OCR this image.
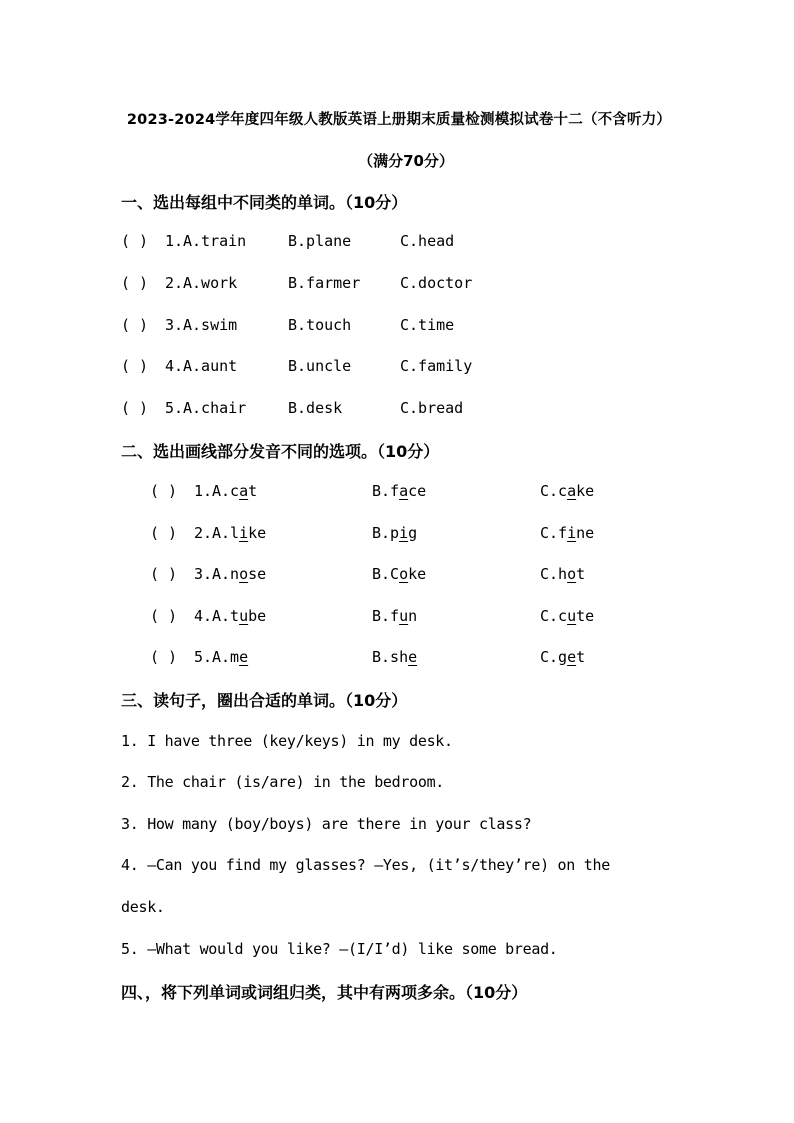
2023-2024学年度四年级人教版英语上册期末质量检测模拟试卷十二（不含听力）
（满分70分）
一、选出每组中不同类的单词。（10分）
( ) 1. A.train	B.plane	C.head
( ) 2. A.work	B.farmer	C.doctor
( ) 3. A.swim	B.touch	C.time
( ) 4. A.aunt	B.uncle	C.family
( ) 5. A.chair	B.desk	C.bread
二、选出画线部分发音不同的选项。（10分）
( ) 1. A.cat	B.face	C.cake
( ) 2. A.like	B.pig	C.fine
( ) 3. A.nose	B.Coke	C.hot
( ) 4. A.tube	B.fun	C.cute
( ) 5. A.me	B.she	C.get
三、读句子，圈出合适的单词。（10分）
1. I have three (key/keys) in my desk.
2. The chair (is/are) in the bedroom.
3. How many (boy/boys) are there in your class?
4. —Can you find my glasses? —Yes, (it’s/they’re) on the
desk.
5. —What would you like? —(I/I’d) like some bread.
四、，将下列单词或词组归类，其中有两项多余。（10分）
